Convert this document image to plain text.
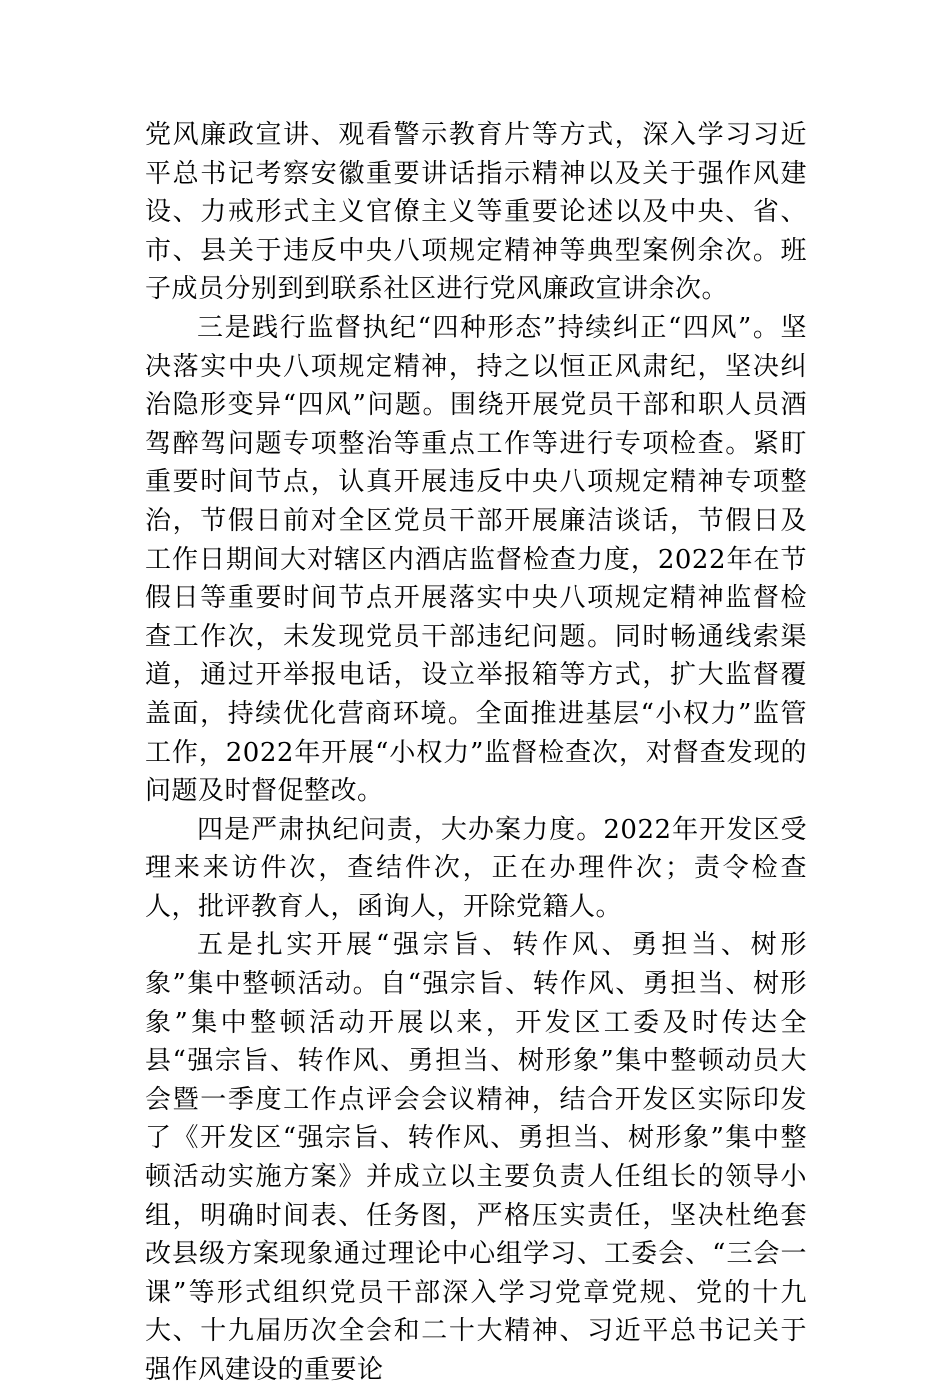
党风廉政宣讲、观看警示教育片等方式，深入学习习近平总书记考察安徽重要讲话指示精神以及关于强作风建设、力戒形式主义官僚主义等重要论述以及中央、省、市、县关于违反中央八项规定精神等典型案例余次。班子成员分别到到联系社区进行党风廉政宣讲余次。

三是践行监督执纪“四种形态”持续纠正“四风”。坚决落实中央八项规定精神，持之以恒正风肃纪，坚决纠治隐形变异“四风”问题。围绕开展党员干部和职人员酒驾醉驾问题专项整治等重点工作等进行专项检查。紧盯重要时间节点，认真开展违反中央八项规定精神专项整治，节假日前对全区党员干部开展廉洁谈话，节假日及工作日期间大对辖区内酒店监督检查力度，2022年在节假日等重要时间节点开展落实中央八项规定精神监督检查工作次，未发现党员干部违纪问题。同时畅通线索渠道，通过开举报电话，设立举报箱等方式，扩大监督覆盖面，持续优化营商环境。全面推进基层“小权力”监管工作，2022年开展“小权力”监督检查次，对督查发现的问题及时督促整改。

四是严肃执纪问责，大办案力度。2022年开发区受理来来访件次，查结件次，正在办理件次；责令检查人，批评教育人，函询人，开除党籍人。

五是扎实开展“强宗旨、转作风、勇担当、树形象”集中整顿活动。自“强宗旨、转作风、勇担当、树形象”集中整顿活动开展以来，开发区工委及时传达全县“强宗旨、转作风、勇担当、树形象”集中整顿动员大会暨一季度工作点评会会议精神，结合开发区实际印发了《开发区“强宗旨、转作风、勇担当、树形象”集中整顿活动实施方案》并成立以主要负责人任组长的领导小组，明确时间表、任务图，严格压实责任，坚决杜绝套改县级方案现象通过理论中心组学习、工委会、“三会一课”等形式组织党员干部深入学习党章党规、党的十九大、十九届历次全会和二十大精神、习近平总书记关于强作风建设的重要论
